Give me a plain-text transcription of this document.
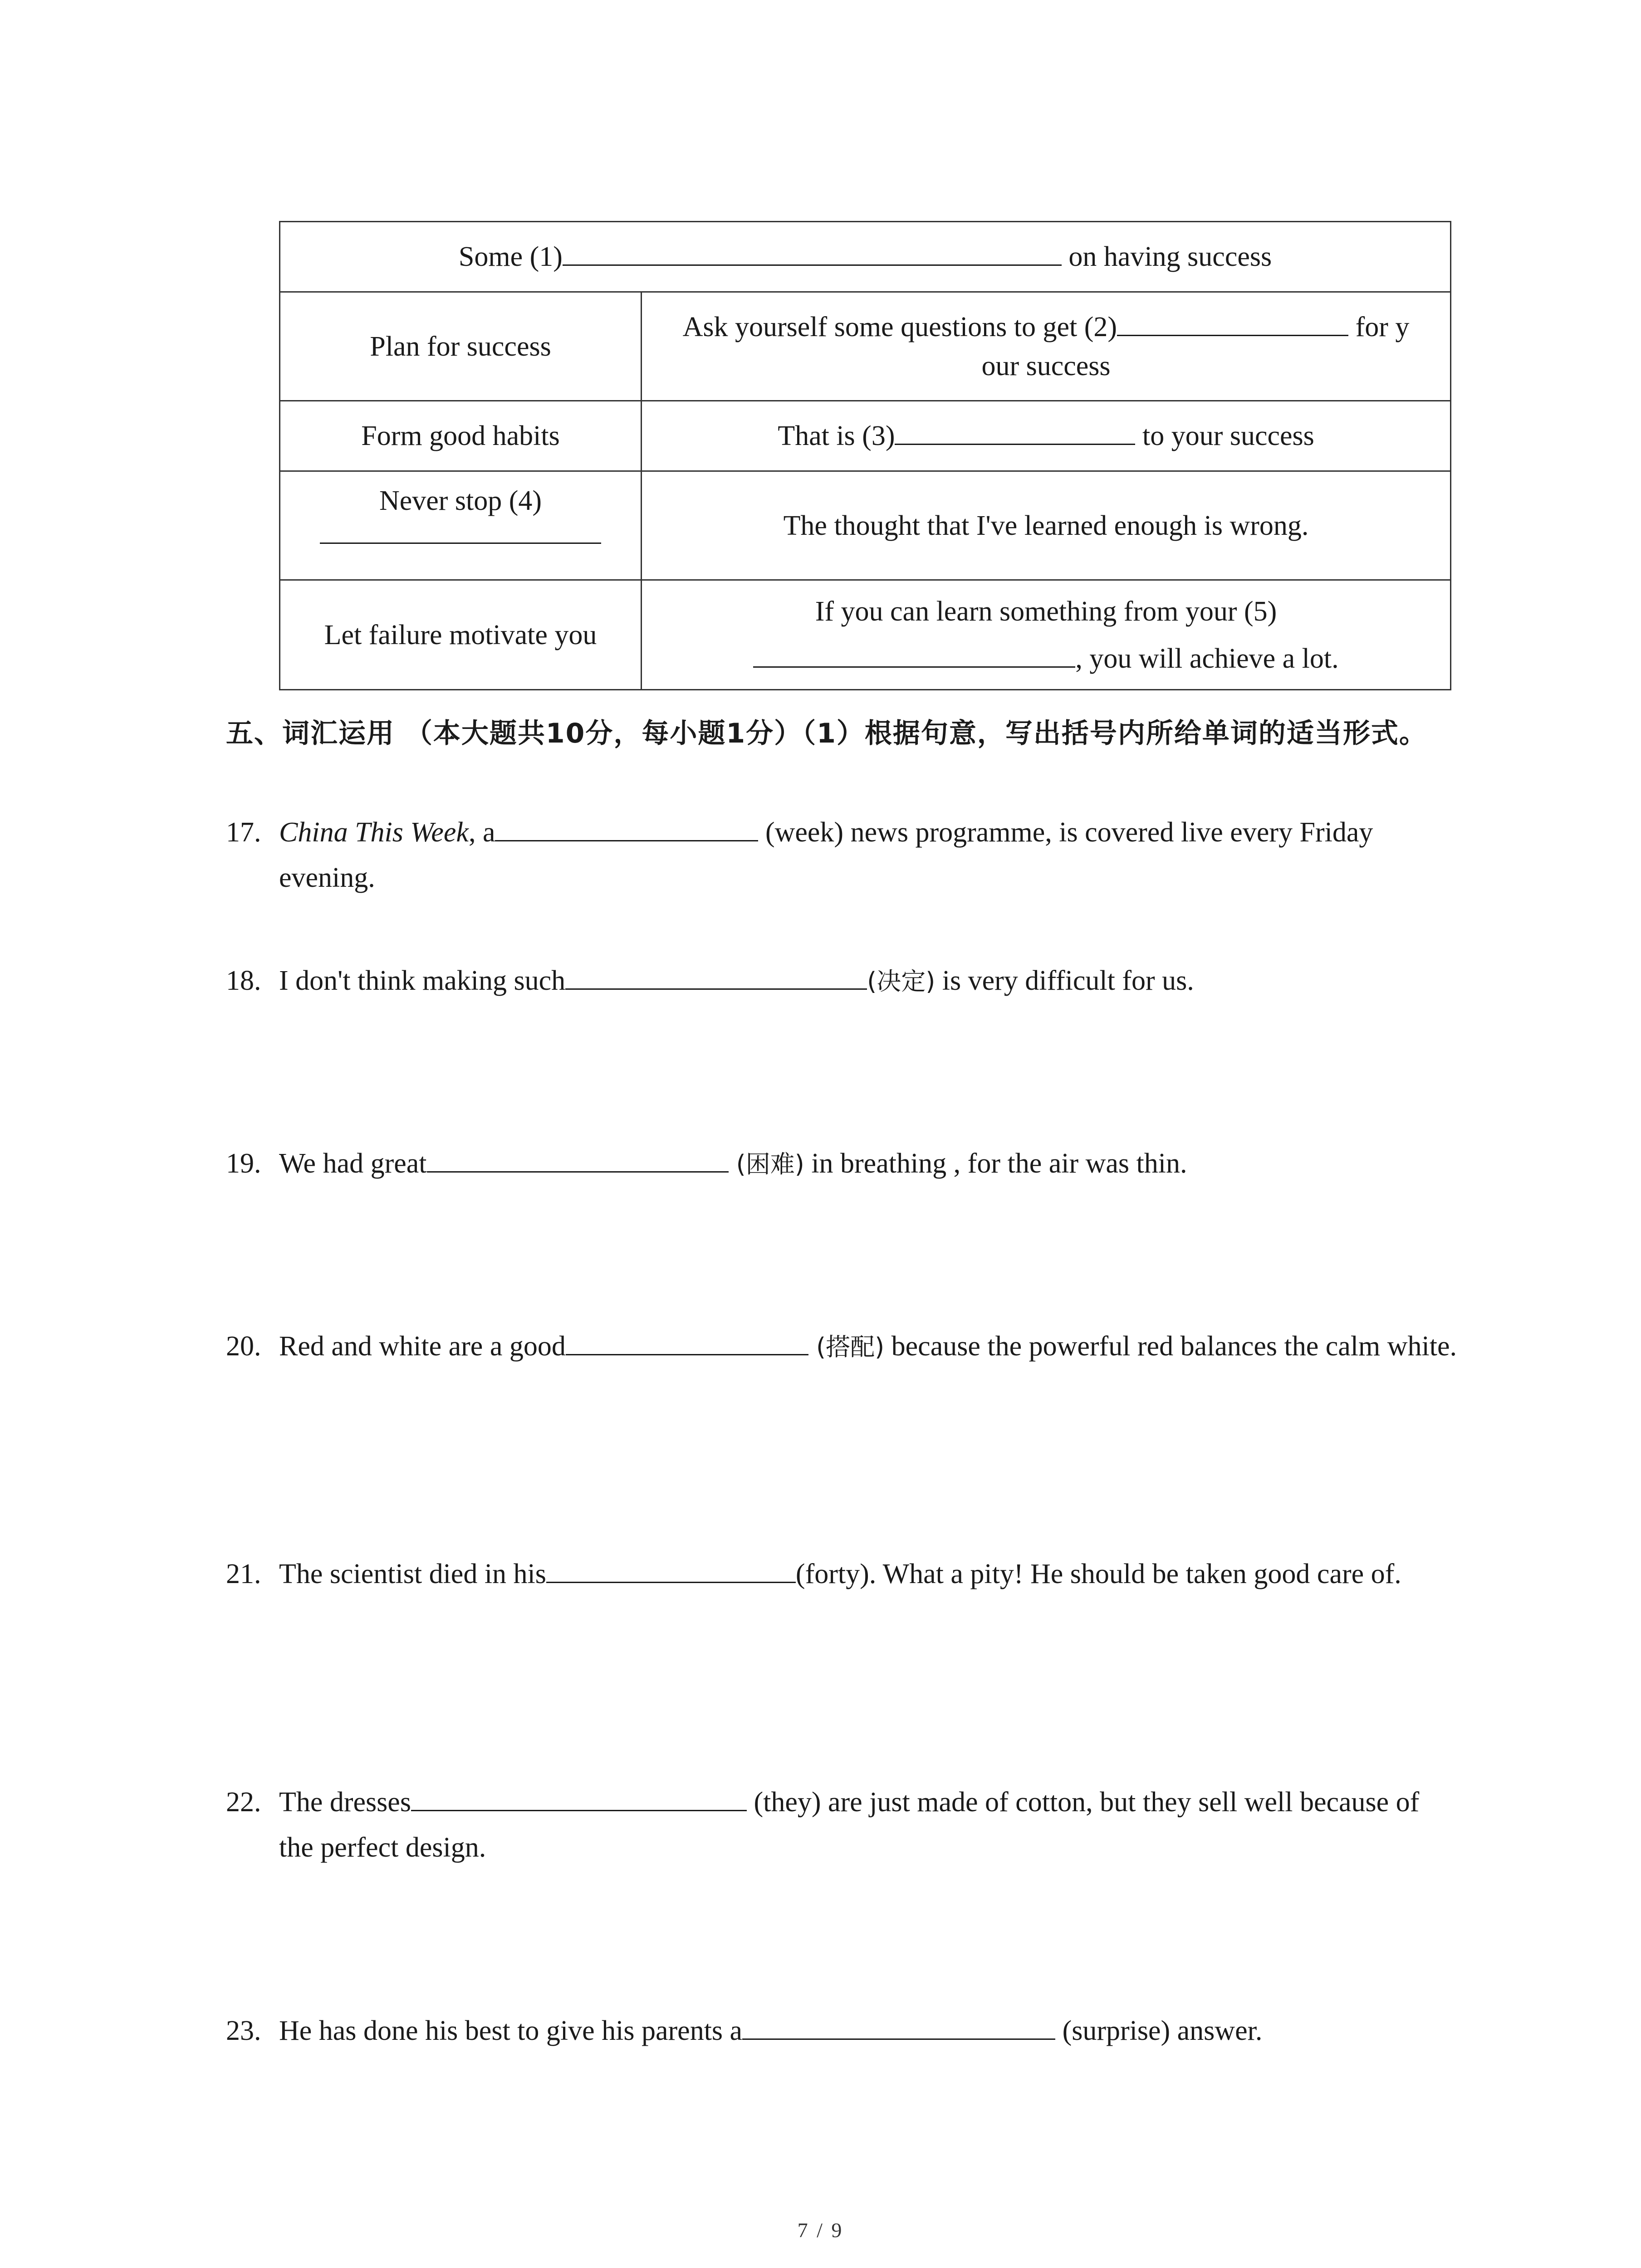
Some (1) on having success	
Plan for success	Ask yourself some questions to get (2) for y
our success
Form good habits	That is (3) to your success
Never stop (4)	The thought that I've learned enough is wrong.
Let failure motivate you	If you can learn something from your (5)
, you will achieve a lot.
五、词汇运用 （本大题共10分，每小题1分）（1）根据句意，写出括号内所给单词的适当形式。
17. China This Week, a	(week) news programme, is covered live every Friday evening.
18. I don't think making such	(决定) is very difficult for us.
19. We had great	(困难) in breathing , for the air was thin.
20. Red and white are a good	(搭配) because the powerful red balances the calm white.
21. The scientist died in his	(forty). What a pity! He should be taken good care of.
22. The dresses	(they) are just made of cotton, but they sell well because of the perfect design.
23. He has done his best to give his parents a	(surprise) answer.
7 / 9
